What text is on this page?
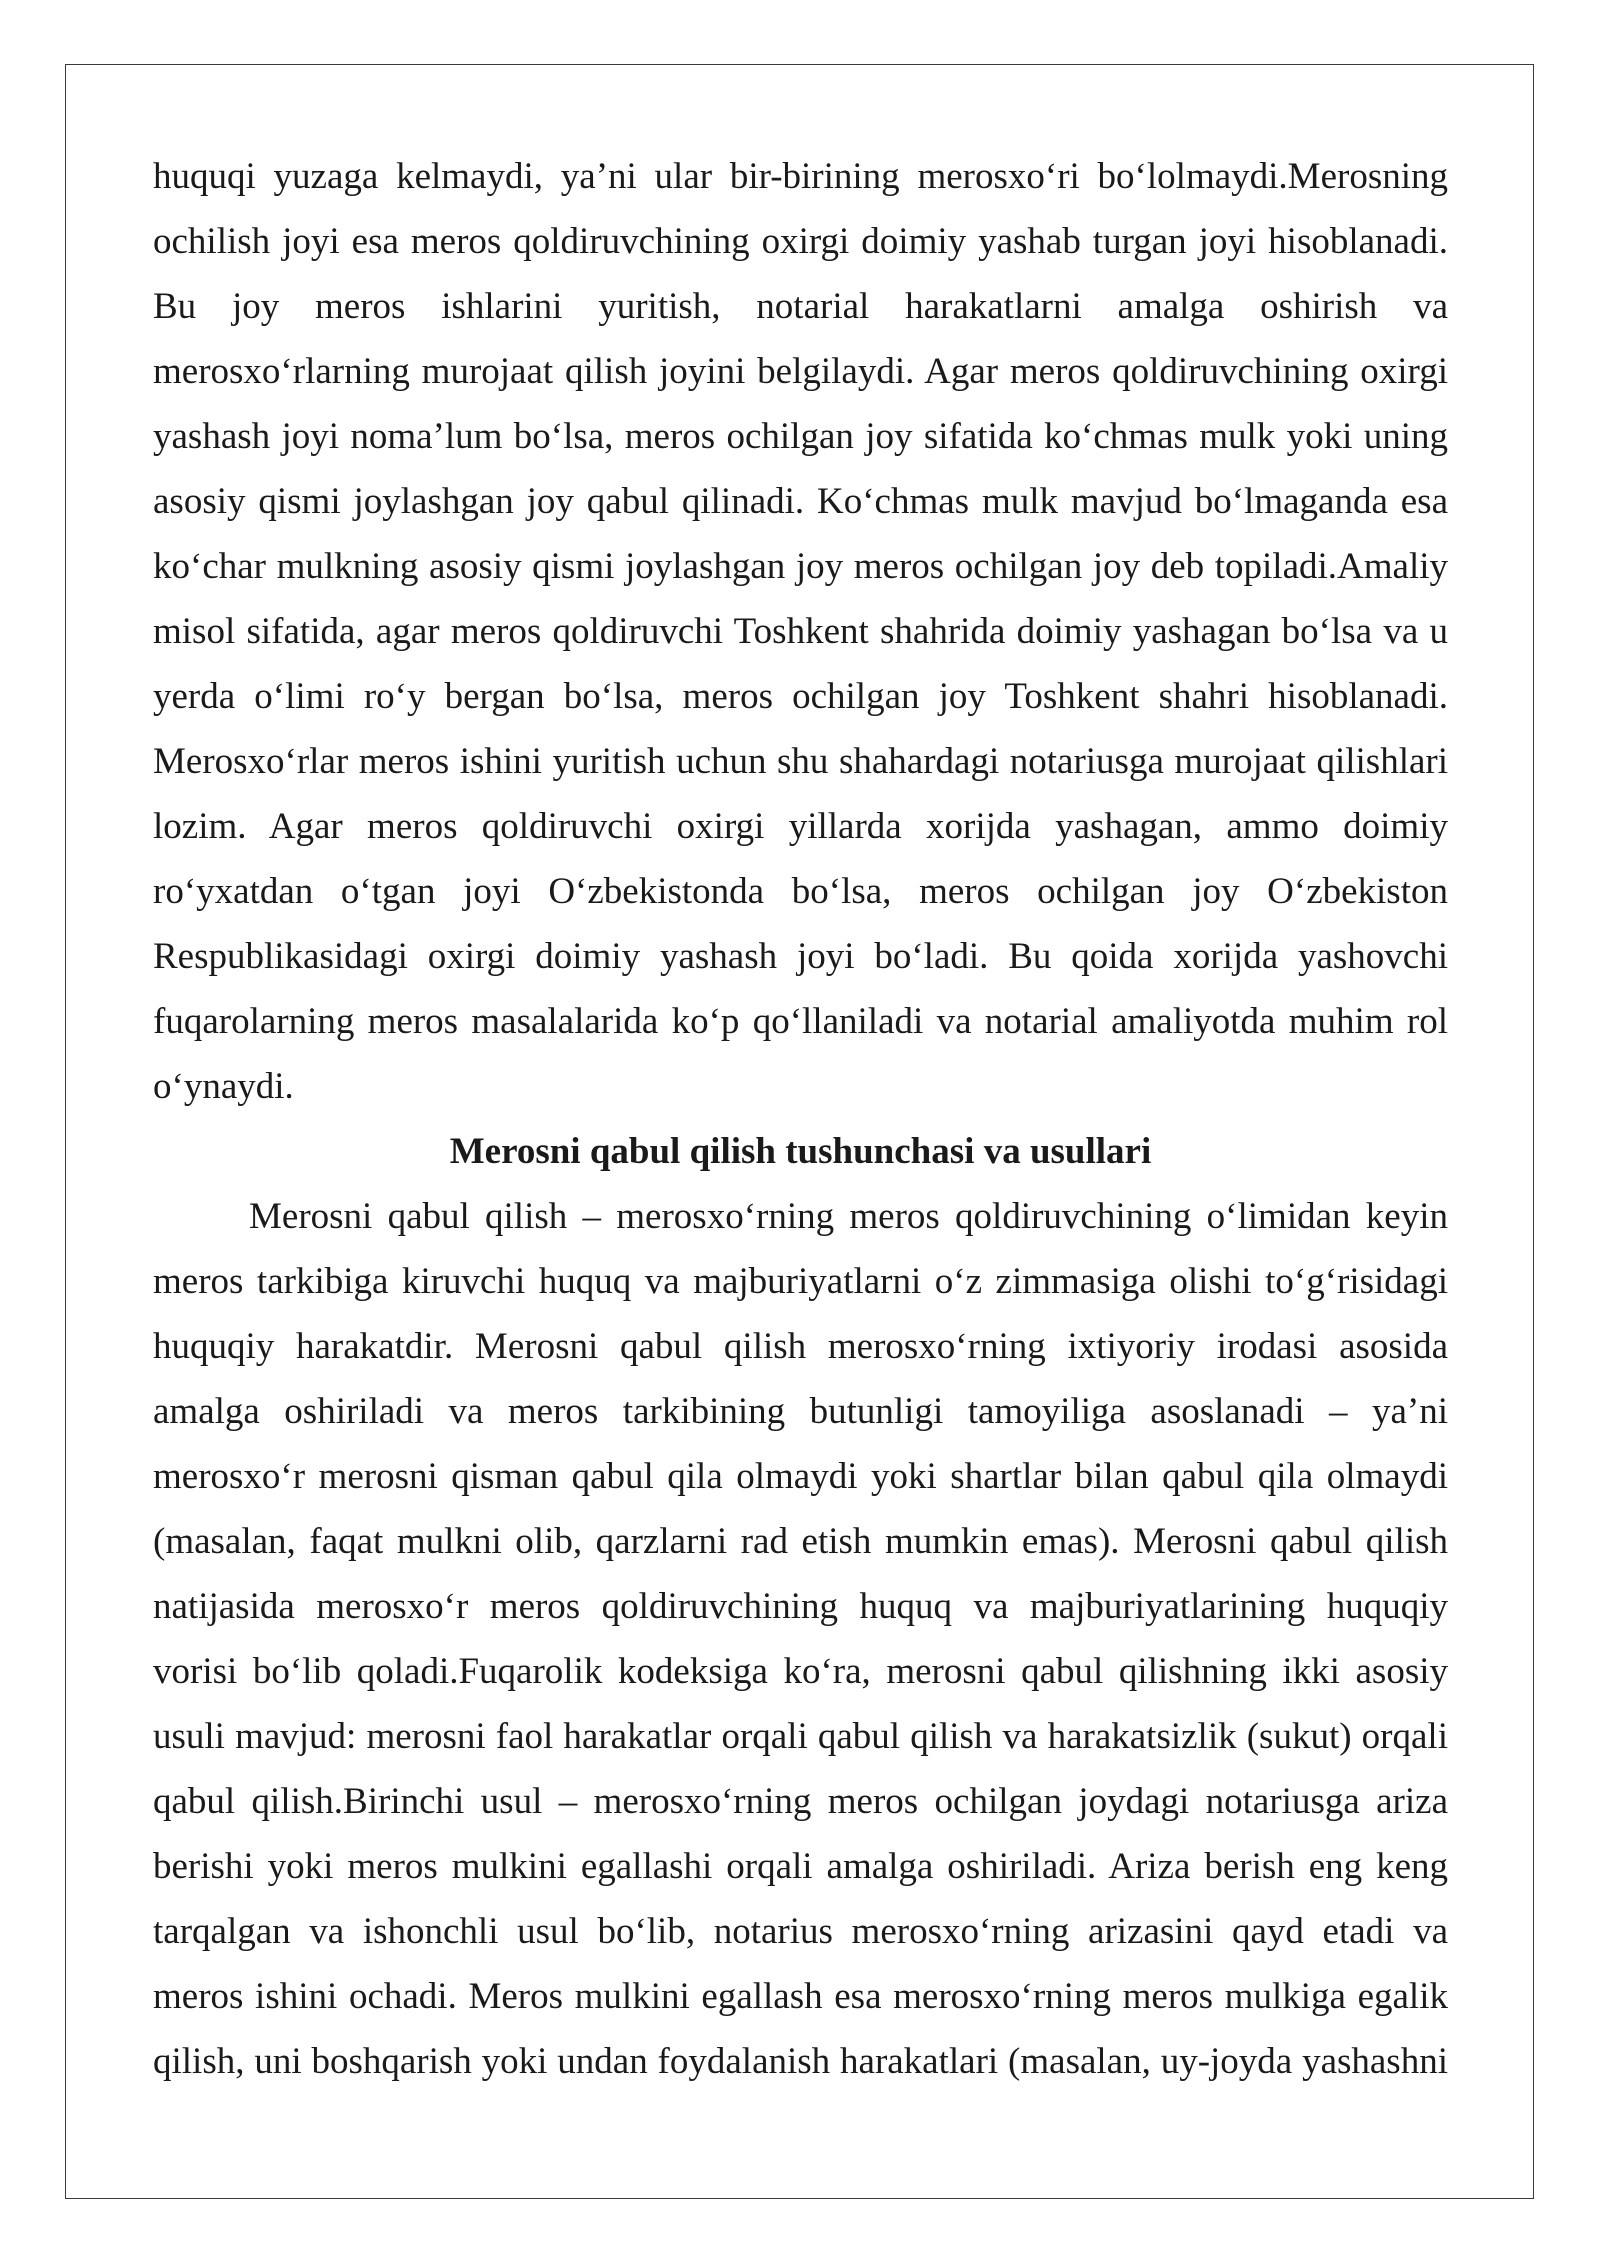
huquqi yuzaga kelmaydi, ya’ni ular bir-birining merosxo‘ri bo‘lolmaydi.Merosning
ochilish joyi esa meros qoldiruvchining oxirgi doimiy yashab turgan joyi hisoblanadi.
Bu joy meros ishlarini yuritish, notarial harakatlarni amalga oshirish va
merosxo‘rlarning murojaat qilish joyini belgilaydi. Agar meros qoldiruvchining oxirgi
yashash joyi noma’lum bo‘lsa, meros ochilgan joy sifatida ko‘chmas mulk yoki uning
asosiy qismi joylashgan joy qabul qilinadi. Ko‘chmas mulk mavjud bo‘lmaganda esa
ko‘char mulkning asosiy qismi joylashgan joy meros ochilgan joy deb topiladi.Amaliy
misol sifatida, agar meros qoldiruvchi Toshkent shahrida doimiy yashagan bo‘lsa va u
yerda o‘limi ro‘y bergan bo‘lsa, meros ochilgan joy Toshkent shahri hisoblanadi.
Merosxo‘rlar meros ishini yuritish uchun shu shahardagi notariusga murojaat qilishlari
lozim. Agar meros qoldiruvchi oxirgi yillarda xorijda yashagan, ammo doimiy
ro‘yxatdan o‘tgan joyi O‘zbekistonda bo‘lsa, meros ochilgan joy O‘zbekiston
Respublikasidagi oxirgi doimiy yashash joyi bo‘ladi. Bu qoida xorijda yashovchi
fuqarolarning meros masalalarida ko‘p qo‘llaniladi va notarial amaliyotda muhim rol
o‘ynaydi.
Merosni qabul qilish tushunchasi va usullari
Merosni qabul qilish – merosxo‘rning meros qoldiruvchining o‘limidan keyin
meros tarkibiga kiruvchi huquq va majburiyatlarni o‘z zimmasiga olishi to‘g‘risidagi
huquqiy harakatdir. Merosni qabul qilish merosxo‘rning ixtiyoriy irodasi asosida
amalga oshiriladi va meros tarkibining butunligi tamoyiliga asoslanadi – ya’ni
merosxo‘r merosni qisman qabul qila olmaydi yoki shartlar bilan qabul qila olmaydi
(masalan, faqat mulkni olib, qarzlarni rad etish mumkin emas). Merosni qabul qilish
natijasida merosxo‘r meros qoldiruvchining huquq va majburiyatlarining huquqiy
vorisi bo‘lib qoladi.Fuqarolik kodeksiga ko‘ra, merosni qabul qilishning ikki asosiy
usuli mavjud: merosni faol harakatlar orqali qabul qilish va harakatsizlik (sukut) orqali
qabul qilish.Birinchi usul – merosxo‘rning meros ochilgan joydagi notariusga ariza
berishi yoki meros mulkini egallashi orqali amalga oshiriladi. Ariza berish eng keng
tarqalgan va ishonchli usul bo‘lib, notarius merosxo‘rning arizasini qayd etadi va
meros ishini ochadi. Meros mulkini egallash esa merosxo‘rning meros mulkiga egalik
qilish, uni boshqarish yoki undan foydalanish harakatlari (masalan, uy-joyda yashashni
